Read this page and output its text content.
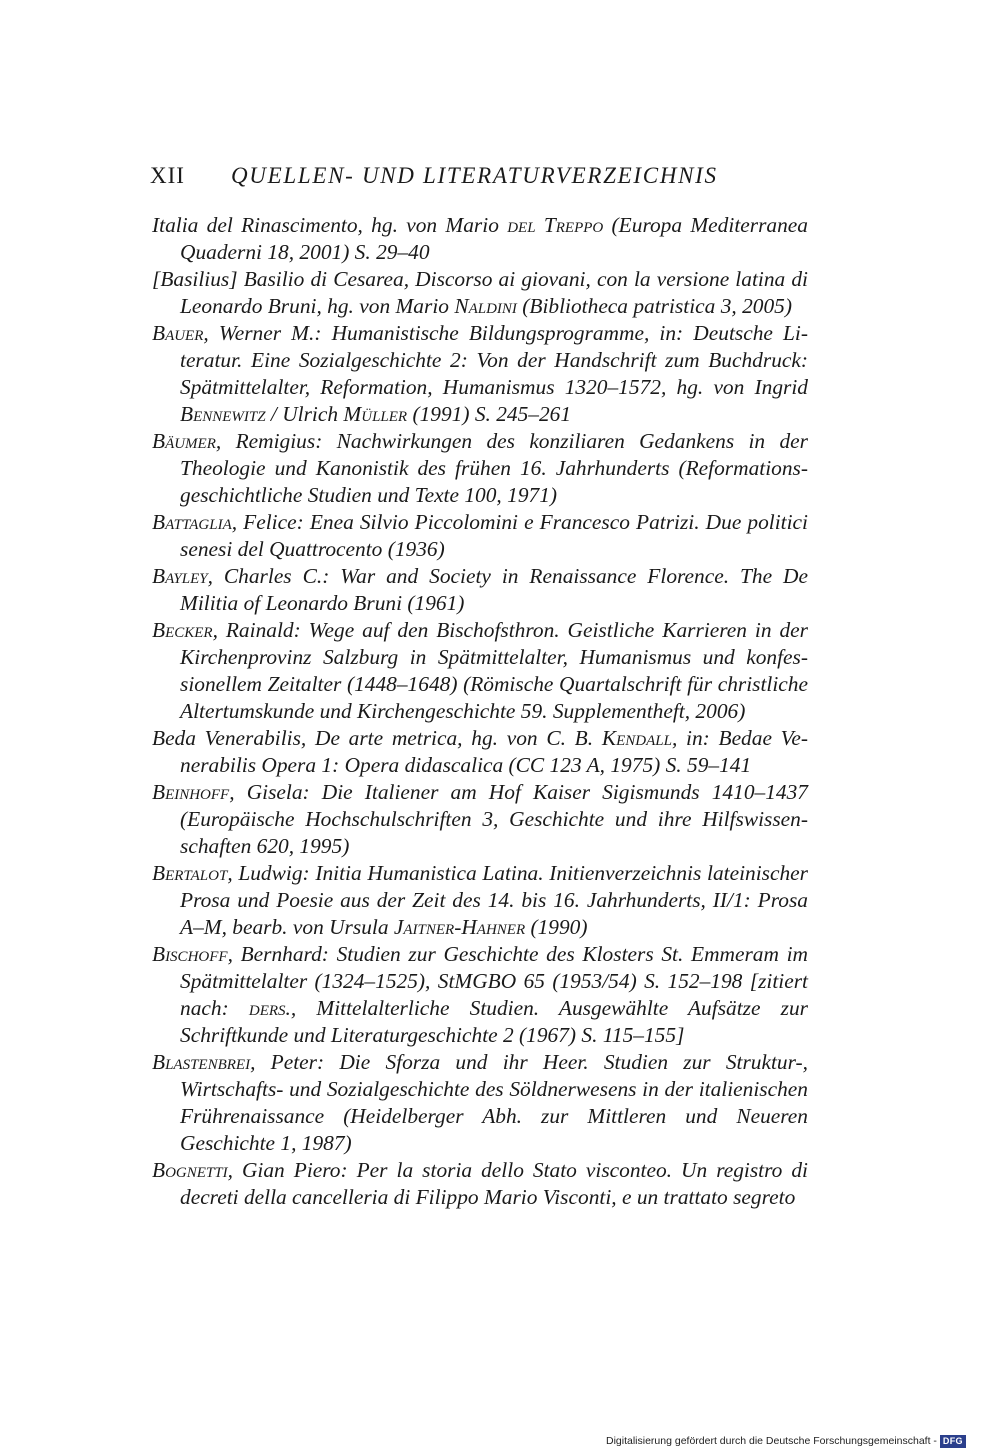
XII QUELLEN- UND LITERATURVERZEICHNIS
Italia del Rinascimento, hg. von Mario del Treppo (Europa Mediterranea Quaderni 18, 2001) S. 29–40
[Basilius] Basilio di Cesarea, Discorso ai giovani, con la versione latina di Leonardo Bruni, hg. von Mario Naldini (Bibliotheca patristica 3, 2005)
Bauer, Werner M.: Humanistische Bildungsprogramme, in: Deutsche Literatur. Eine Sozialgeschichte 2: Von der Handschrift zum Buchdruck: Spätmittelalter, Reformation, Humanismus 1320–1572, hg. von Ingrid Bennewitz / Ulrich Müller (1991) S. 245–261
Bäumer, Remigius: Nachwirkungen des konziliaren Gedankens in der Theologie und Kanonistik des frühen 16. Jahrhunderts (Reformationsgeschichtliche Studien und Texte 100, 1971)
Battaglia, Felice: Enea Silvio Piccolomini e Francesco Patrizi. Due politici senesi del Quattrocento (1936)
Bayley, Charles C.: War and Society in Renaissance Florence. The De Militia of Leonardo Bruni (1961)
Becker, Rainald: Wege auf den Bischofsthron. Geistliche Karrieren in der Kirchenprovinz Salzburg in Spätmittelalter, Humanismus und konfessionellem Zeitalter (1448–1648) (Römische Quartalschrift für christliche Altertumskunde und Kirchengeschichte 59. Supplementheft, 2006)
Beda Venerabilis, De arte metrica, hg. von C. B. Kendall, in: Bedae Venerabilis Opera 1: Opera didascalica (CC 123 A, 1975) S. 59–141
Beinhoff, Gisela: Die Italiener am Hof Kaiser Sigismunds 1410–1437 (Europäische Hochschulschriften 3, Geschichte und ihre Hilfswissenschaften 620, 1995)
Bertalot, Ludwig: Initia Humanistica Latina. Initienverzeichnis lateinischer Prosa und Poesie aus der Zeit des 14. bis 16. Jahrhunderts, II/1: Prosa A–M, bearb. von Ursula Jaitner-Hahner (1990)
Bischoff, Bernhard: Studien zur Geschichte des Klosters St. Emmeram im Spätmittelalter (1324–1525), StMGBO 65 (1953/54) S. 152–198 [zitiert nach: ders., Mittelalterliche Studien. Ausgewählte Aufsätze zur Schriftkunde und Literaturgeschichte 2 (1967) S. 115–155]
Blastenbrei, Peter: Die Sforza und ihr Heer. Studien zur Struktur-, Wirtschafts- und Sozialgeschichte des Söldnerwesens in der italienischen Frührenaissance (Heidelberger Abh. zur Mittleren und Neueren Geschichte 1, 1987)
Bognetti, Gian Piero: Per la storia dello Stato visconteo. Un registro di decreti della cancelleria di Filippo Mario Visconti, e un trattato segreto
Digitalisierung gefördert durch die Deutsche Forschungsgemeinschaft - DFG
